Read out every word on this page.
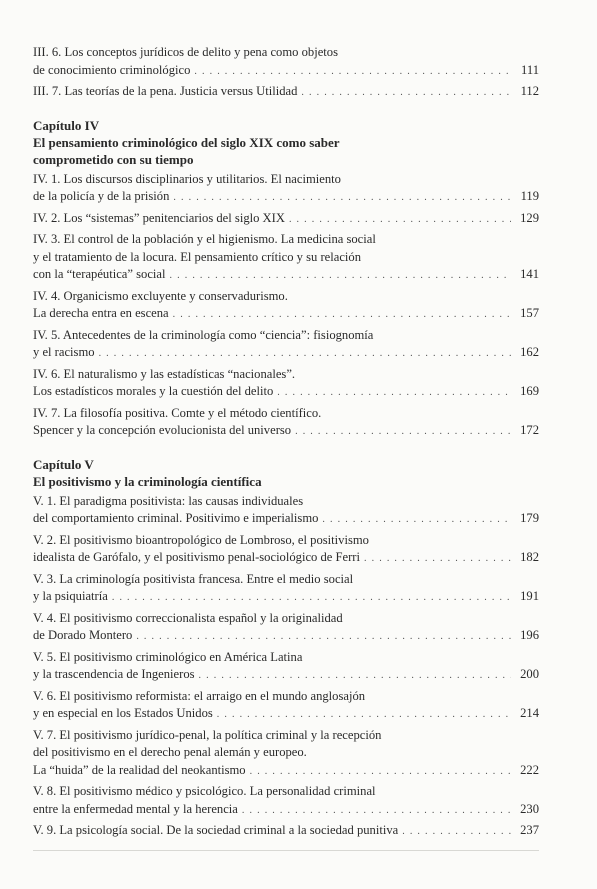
III. 6. Los conceptos jurídicos de delito y pena como objetos
de conocimiento criminológico . . .	111
III. 7. Las teorías de la pena. Justicia versus Utilidad . . .	112
Capítulo IV
El pensamiento criminológico del siglo XIX como saber
comprometido con su tiempo
IV. 1. Los discursos disciplinarios y utilitarios. El nacimiento
de la policía y de la prisión . . .	119
IV. 2. Los “sistemas” penitenciarios del siglo XIX . . .	129
IV. 3. El control de la población y el higienismo. La medicina social
y el tratamiento de la locura. El pensamiento crítico y su relación
con la “terapéutica” social . . .	141
IV. 4. Organicismo excluyente y conservadurismo.
La derecha entra en escena . . .	157
IV. 5. Antecedentes de la criminología como “ciencia”: fisiognomía
y el racismo . . .	162
IV. 6. El naturalismo y las estadísticas “nacionales”.
Los estadísticos morales y la cuestión del delito . . .	169
IV. 7. La filosofía positiva. Comte y el método científico.
Spencer y la concepción evolucionista del universo . . .	172
Capítulo V
El positivismo y la criminología científica
V. 1. El paradigma positivista: las causas individuales
del comportamiento criminal. Positivimo e imperialismo . . .	179
V. 2. El positivismo bioantropológico de Lombroso, el positivismo
idealista de Garófalo, y el positivismo penal-sociológico de Ferri . . .	182
V. 3. La criminología positivista francesa. Entre el medio social
y la psiquiatría . . .	191
V. 4. El positivismo correccionalista español y la originalidad
de Dorado Montero . . .	196
V. 5. El positivismo criminológico en América Latina
y la trascendencia de Ingenieros . . .	200
V. 6. El positivismo reformista: el arraigo en el mundo anglosajón
y en especial en los Estados Unidos . . .	214
V. 7. El positivismo jurídico-penal, la política criminal y la recepción
del positivismo en el derecho penal alemán y europeo.
La “huida” de la realidad del neokantismo . . .	222
V. 8. El positivismo médico y psicológico. La personalidad criminal
entre la enfermedad mental y la herencia . . .	230
V. 9. La psicología social. De la sociedad criminal a la sociedad punitiva . . .	237
